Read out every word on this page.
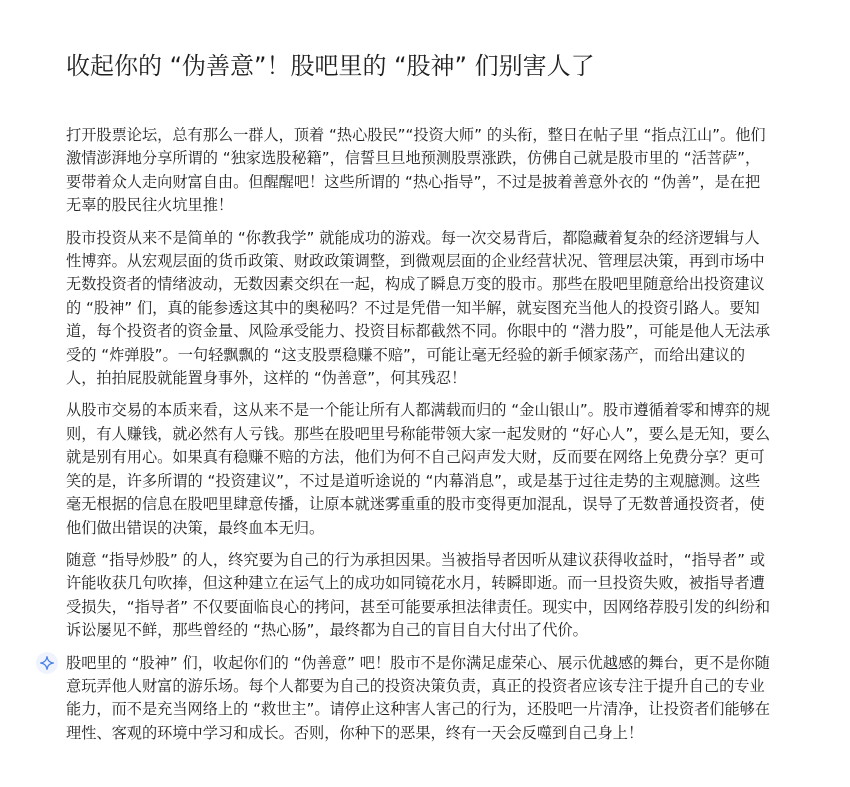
收起你的 “伪善意”！股吧里的 “股神” 们别害人了

打开股票论坛，总有那么一群人，顶着 “热心股民”“投资大师” 的头衔，整日在帖子里 “指点江山”。他们激情澎湃地分享所谓的 “独家选股秘籍”，信誓旦旦地预测股票涨跌，仿佛自己就是股市里的 “活菩萨”，要带着众人走向财富自由。但醒醒吧！这些所谓的 “热心指导”，不过是披着善意外衣的 “伪善”，是在把无辜的股民往火坑里推！

股市投资从来不是简单的 “你教我学” 就能成功的游戏。每一次交易背后，都隐藏着复杂的经济逻辑与人性博弈。从宏观层面的货币政策、财政政策调整，到微观层面的企业经营状况、管理层决策，再到市场中无数投资者的情绪波动，无数因素交织在一起，构成了瞬息万变的股市。那些在股吧里随意给出投资建议的 “股神” 们，真的能参透这其中的奥秘吗？不过是凭借一知半解，就妄图充当他人的投资引路人。要知道，每个投资者的资金量、风险承受能力、投资目标都截然不同。你眼中的 “潜力股”，可能是他人无法承受的 “炸弹股”。一句轻飘飘的 “这支股票稳赚不赔”，可能让毫无经验的新手倾家荡产，而给出建议的人，拍拍屁股就能置身事外，这样的 “伪善意”，何其残忍！

从股市交易的本质来看，这从来不是一个能让所有人都满载而归的 “金山银山”。股市遵循着零和博弈的规则，有人赚钱，就必然有人亏钱。那些在股吧里号称能带领大家一起发财的 “好心人”，要么是无知，要么就是别有用心。如果真有稳赚不赔的方法，他们为何不自己闷声发大财，反而要在网络上免费分享？更可笑的是，许多所谓的 “投资建议”，不过是道听途说的 “内幕消息”，或是基于过往走势的主观臆测。这些毫无根据的信息在股吧里肆意传播，让原本就迷雾重重的股市变得更加混乱，误导了无数普通投资者，使他们做出错误的决策，最终血本无归。

随意 “指导炒股” 的人，终究要为自己的行为承担因果。当被指导者因听从建议获得收益时，“指导者” 或许能收获几句吹捧，但这种建立在运气上的成功如同镜花水月，转瞬即逝。而一旦投资失败，被指导者遭受损失，“指导者” 不仅要面临良心的拷问，甚至可能要承担法律责任。现实中，因网络荐股引发的纠纷和诉讼屡见不鲜，那些曾经的 “热心肠”，最终都为自己的盲目自大付出了代价。

股吧里的 “股神” 们，收起你们的 “伪善意” 吧！股市不是你满足虚荣心、展示优越感的舞台，更不是你随意玩弄他人财富的游乐场。每个人都要为自己的投资决策负责，真正的投资者应该专注于提升自己的专业能力，而不是充当网络上的 “救世主”。请停止这种害人害己的行为，还股吧一片清净，让投资者们能够在理性、客观的环境中学习和成长。否则，你种下的恶果，终有一天会反噬到自己身上！
